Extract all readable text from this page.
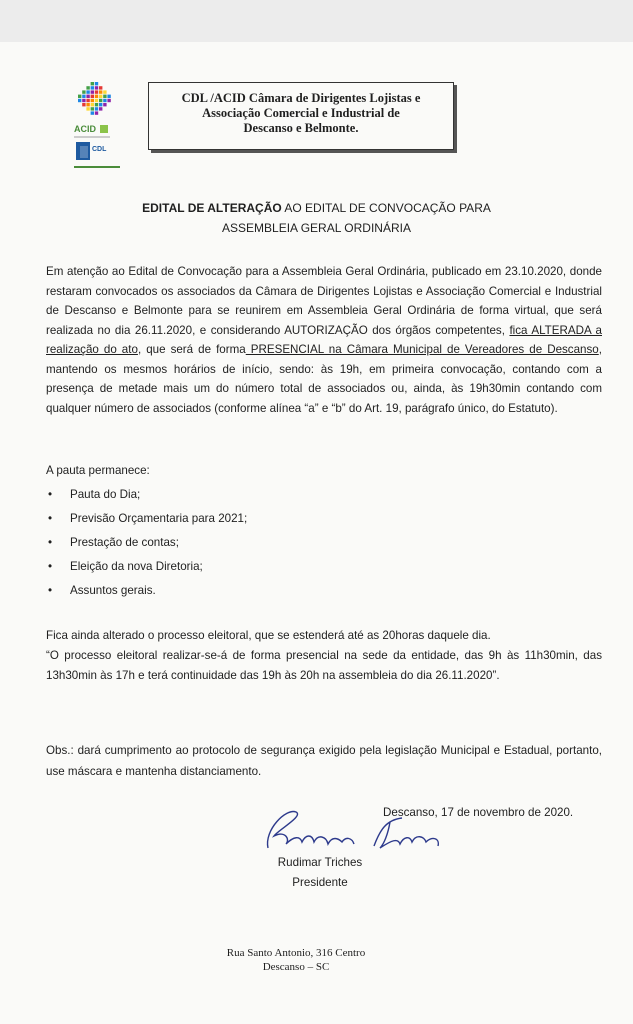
ACID
CDL
CDL /ACID Câmara de Dirigentes Lojistas e
Associação Comercial e Industrial de
Descanso e Belmonte.
EDITAL DE ALTERAÇÃO AO EDITAL DE CONVOCAÇÃO PARA
ASSEMBLEIA GERAL ORDINÁRIA
Em atenção ao Edital de Convocação para a Assembleia Geral Ordinária, publicado em 23.10.2020, donde restaram convocados os associados da Câmara de Dirigentes Lojistas e Associação Comercial e Industrial de Descanso e Belmonte para se reunirem em Assembleia Geral Ordinária de forma virtual, que será realizada no dia 26.11.2020, e considerando AUTORIZAÇÃO dos órgãos competentes, fica ALTERADA a realização do ato, que será de forma PRESENCIAL na Câmara Municipal de Vereadores de Descanso, mantendo os mesmos horários de início, sendo: às 19h, em primeira convocação, contando com a presença de metade mais um do número total de associados ou, ainda, às 19h30min contando com qualquer número de associados (conforme alínea “a” e “b” do Art. 19, parágrafo único, do Estatuto).
A pauta permanece:
• Pauta do Dia;
• Previsão Orçamentaria para 2021;
• Prestação de contas;
• Eleição da nova Diretoria;
• Assuntos gerais.
Fica ainda alterado o processo eleitoral, que se estenderá até as 20horas daquele dia.
“O processo eleitoral realizar-se-á de forma presencial na sede da entidade, das 9h às 11h30min, das 13h30min às 17h e terá continuidade das 19h às 20h na assembleia do dia 26.11.2020”.
Obs.: dará cumprimento ao protocolo de segurança exigido pela legislação Municipal e Estadual, portanto, use máscara e mantenha distanciamento.
Descanso, 17 de novembro de 2020.
Rudimar Triches
Presidente
Rua Santo Antonio, 316 Centro
Descanso – SC
